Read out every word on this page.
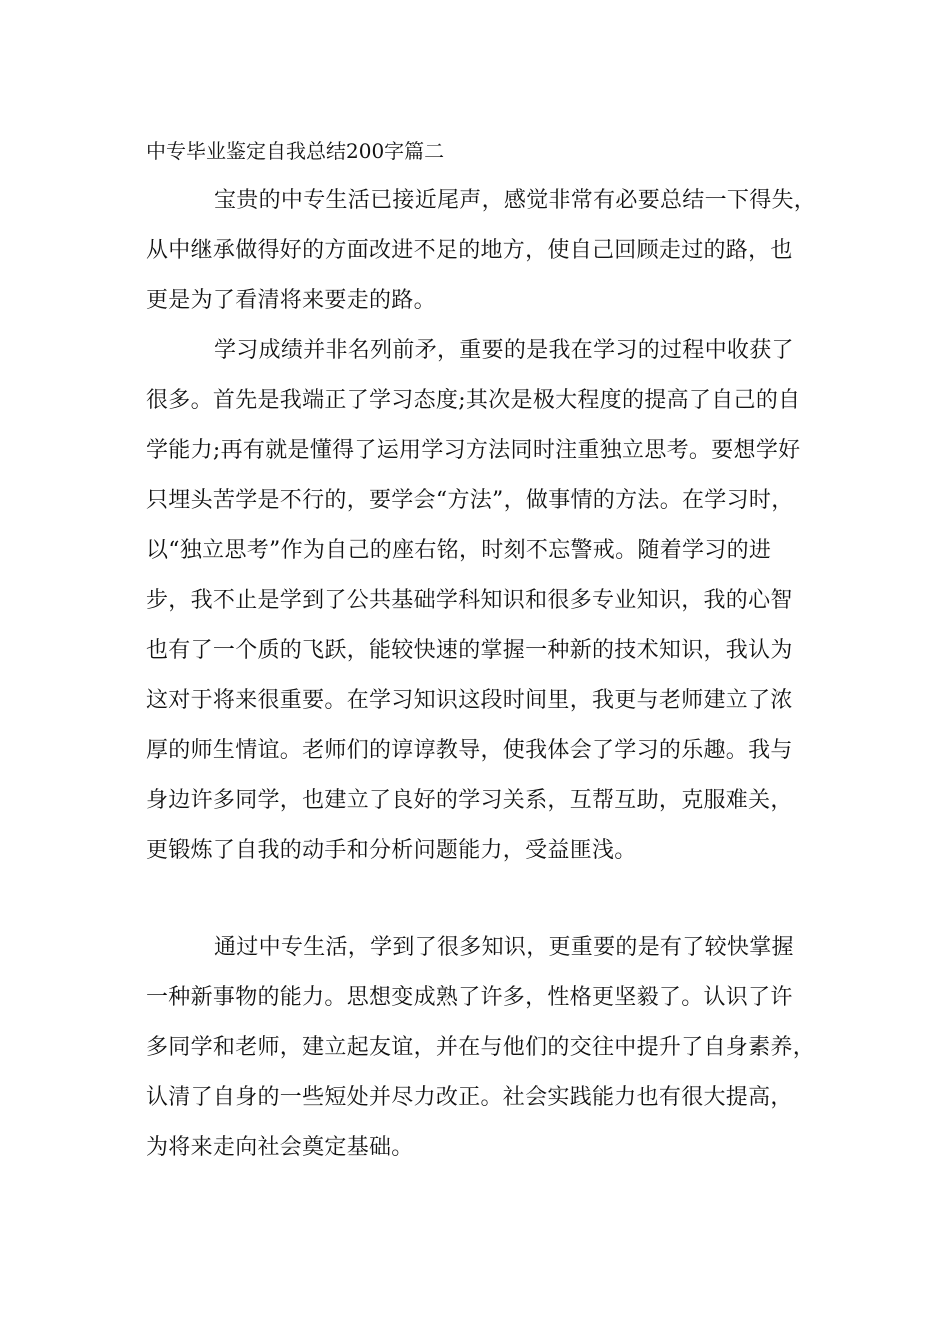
中专毕业鉴定自我总结200字篇二
宝贵的中专生活已接近尾声，感觉非常有必要总结一下得失，
从中继承做得好的方面改进不足的地方，使自己回顾走过的路，也
更是为了看清将来要走的路。
学习成绩并非名列前矛，重要的是我在学习的过程中收获了
很多。首先是我端正了学习态度;其次是极大程度的提高了自己的自
学能力;再有就是懂得了运用学习方法同时注重独立思考。要想学好
只埋头苦学是不行的，要学会“方法”，做事情的方法。在学习时，
以“独立思考”作为自己的座右铭，时刻不忘警戒。随着学习的进
步，我不止是学到了公共基础学科知识和很多专业知识，我的心智
也有了一个质的飞跃，能较快速的掌握一种新的技术知识，我认为
这对于将来很重要。在学习知识这段时间里，我更与老师建立了浓
厚的师生情谊。老师们的谆谆教导，使我体会了学习的乐趣。我与
身边许多同学，也建立了良好的学习关系，互帮互助，克服难关，
更锻炼了自我的动手和分析问题能力，受益匪浅。
通过中专生活，学到了很多知识，更重要的是有了较快掌握
一种新事物的能力。思想变成熟了许多，性格更坚毅了。认识了许
多同学和老师，建立起友谊，并在与他们的交往中提升了自身素养，
认清了自身的一些短处并尽力改正。社会实践能力也有很大提高，
为将来走向社会奠定基础。
